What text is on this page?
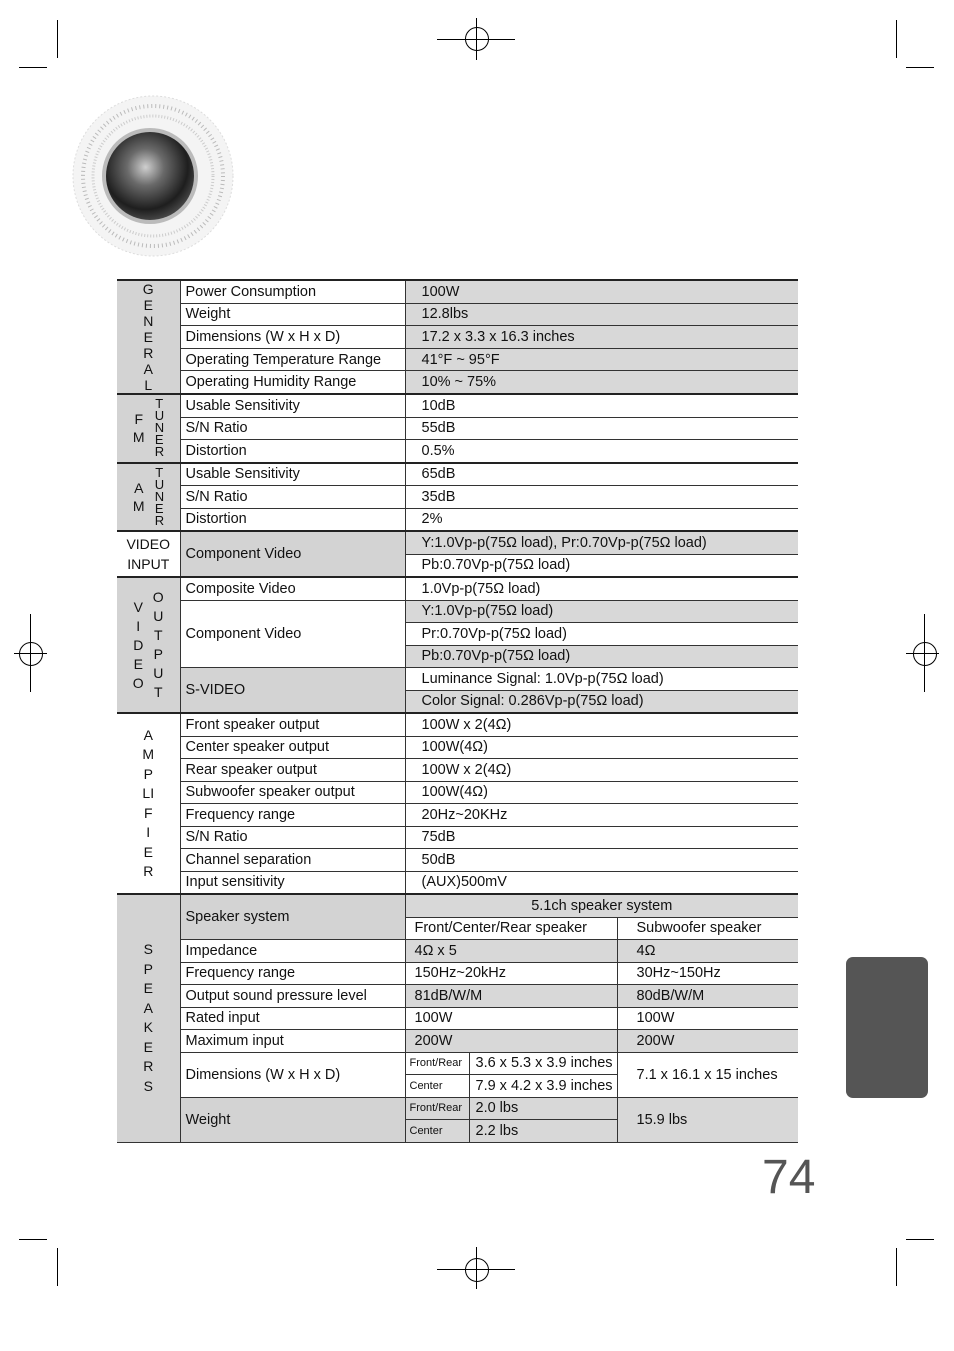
GENERAL	Power Consumption	100W		
	Weight	12.8lbs		
	Dimensions (W x H x D)	17.2 x 3.3 x 16.3 inches		
	Operating Temperature Range	41°F ~ 95°F		
	Operating Humidity Range	10% ~ 75%		

FM
TUNER	Usable Sensitivity	10dB		
	S/N Ratio	55dB		
	Distortion	0.5%		

AM
TUNER	Usable Sensitivity	65dB		
	S/N Ratio	35dB		
	Distortion	2%		
VIDEO INPUT	Component Video	Y:1.0Vp-p(75Ω load), Pr:0.70Vp-p(75Ω load)		
		Pb:0.70Vp-p(75Ω load)		

VIDEO
OUTPUT	Composite Video	1.0Vp-p(75Ω load)		
	Component Video	Y:1.0Vp-p(75Ω load)		
		Pr:0.70Vp-p(75Ω load)		
		Pb:0.70Vp-p(75Ω load)		
	S-VIDEO	Luminance Signal: 1.0Vp-p(75Ω load)		
		Color Signal: 0.286Vp-p(75Ω load)		

AMPLIFIER	Front speaker output	100W x 2(4Ω)		
	Center speaker output	100W(4Ω)		
	Rear speaker output	100W x 2(4Ω)		
	Subwoofer speaker output	100W(4Ω)		
	Frequency range	20Hz~20KHz		
	S/N Ratio	75dB		
	Channel separation	50dB		
	Input sensitivity	(AUX)500mV		

SPEAKERS	Speaker system	5.1ch speaker system		
		Front/Center/Rear speaker		Subwoofer speaker
	Impedance	4Ω x 5		4Ω
	Frequency range	150Hz~20kHz		30Hz~150Hz
	Output sound pressure level	81dB/W/M		80dB/W/M
	Rated input	100W		100W
	Maximum input	200W		200W
	Dimensions (W x H x D)	Front/Rear	3.6 x 5.3 x 3.9 inches	7.1 x 16.1 x 15 inches
		Center	7.9 x 4.2 x 3.9 inches	
	Weight	Front/Rear	2.0 lbs	15.9 lbs
		Center	2.2 lbs	
74
